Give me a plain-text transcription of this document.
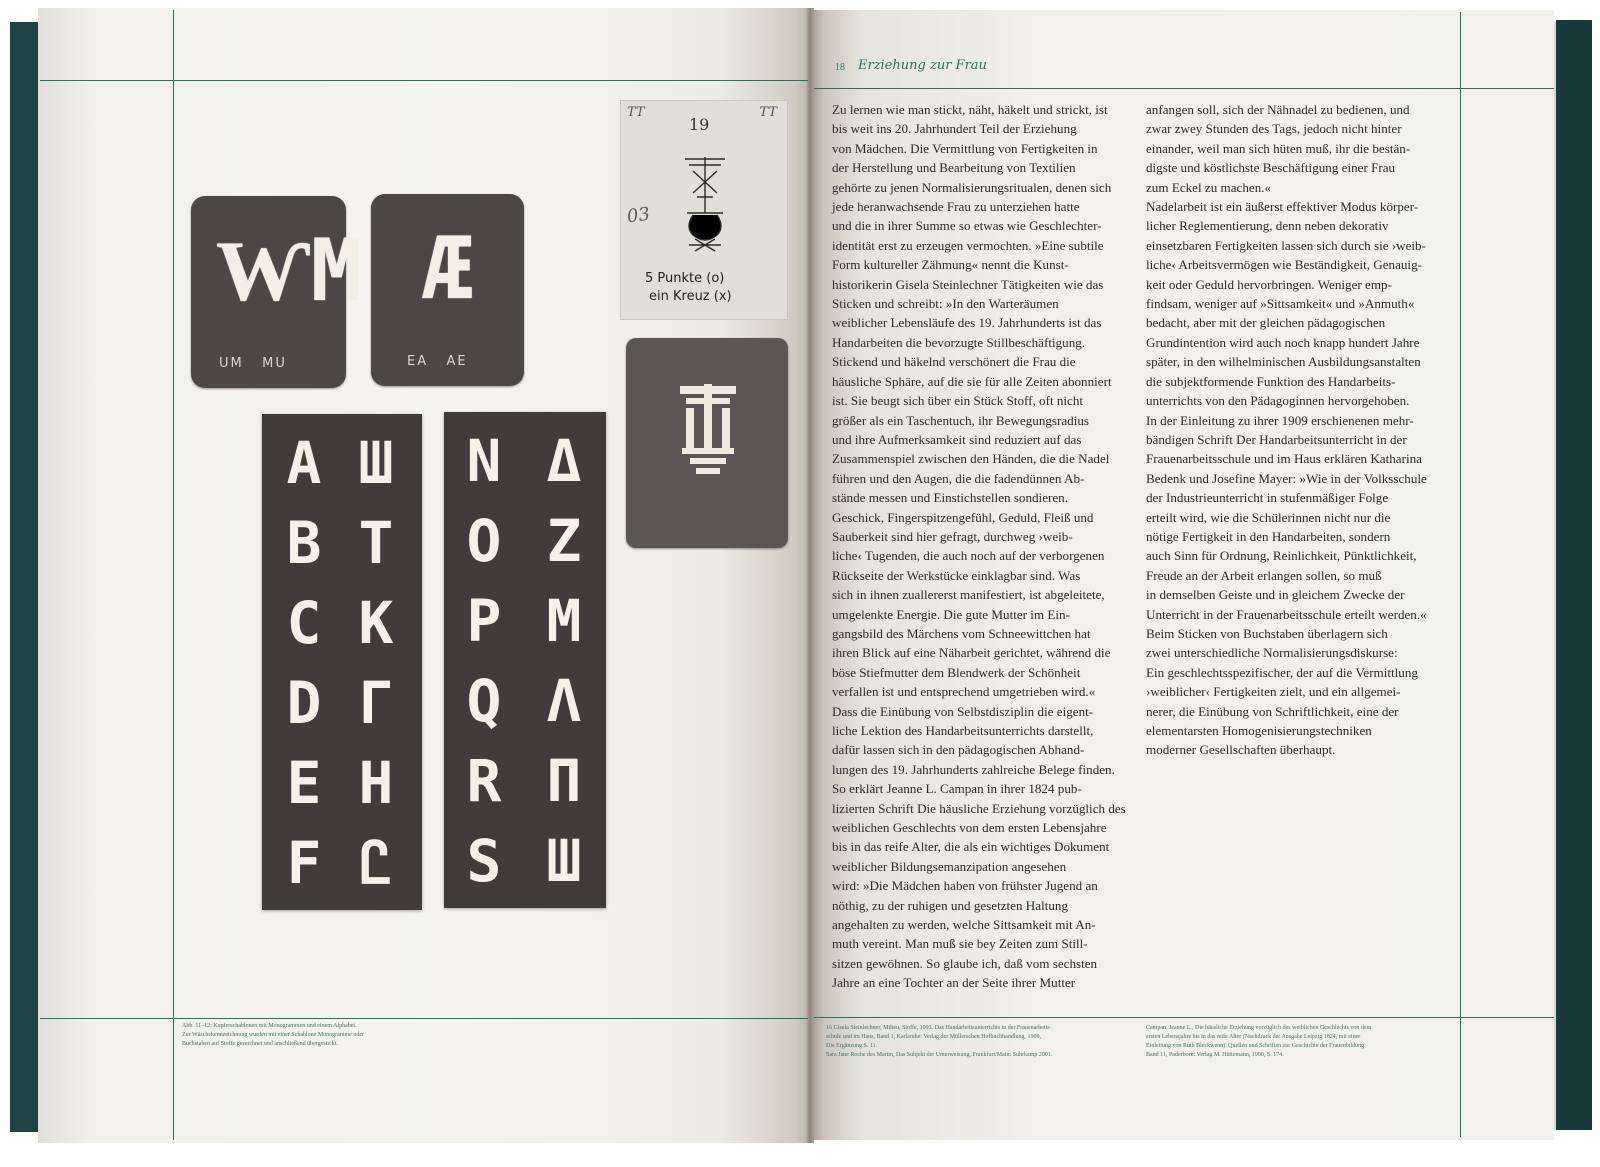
ⱲM
UM   MU
Æ
EA   AE
TT	TT
19
03
5 Punkte (o)
ein Kreuz (x)
A Ш
B T
C K
D Г
E H
F Ꮭ
N Δ
O Z
P M
Q Λ
R П
S Ш

Abb. 11–12: Kupferschablonen mit Monogrammen und einem Alphabet.

Zur Wäschekennzeichnung wurden mit einer Schablone Monogramme oder

Buchstaben auf Stoffe gezeichnet und anschließend übergestickt.

18 Erziehung zur Frau

Zu lernen wie man stickt, näht, häkelt und strickt, ist

bis weit ins 20. Jahrhundert Teil der Erziehung

von Mädchen. Die Vermittlung von Fertigkeiten in

der Herstellung und Bearbeitung von Textilien

gehörte zu jenen Normalisierungsritualen, denen sich

jede heranwachsende Frau zu unterziehen hatte

und die in ihrer Summe so etwas wie Geschlechter-

identität erst zu erzeugen vermochten. »Eine subtile

Form kultureller Zähmung« nennt die Kunst-

historikerin Gisela Steinlechner Tätigkeiten wie das

Sticken und schreibt: »In den Warteräumen

weiblicher Lebensläufe des 19. Jahrhunderts ist das

Handarbeiten die bevorzugte Stillbeschäftigung.

Stickend und häkelnd verschönert die Frau die

häusliche Sphäre, auf die sie für alle Zeiten abonniert

ist. Sie beugt sich über ein Stück Stoff, oft nicht

größer als ein Taschentuch, ihr Bewegungsradius

und ihre Aufmerksamkeit sind reduziert auf das

Zusammenspiel zwischen den Händen, die die Nadel

führen und den Augen, die die fadendünnen Ab-

stände messen und Einstichstellen sondieren.

Geschick, Fingerspitzengefühl, Geduld, Fleiß und

Sauberkeit sind hier gefragt, durchweg ›weib-

liche‹ Tugenden, die auch noch auf der verborgenen

Rückseite der Werkstücke einklagbar sind. Was

sich in ihnen zuallererst manifestiert, ist abgeleitete,

umgelenkte Energie. Die gute Mutter im Ein-

gangsbild des Märchens vom Schneewittchen hat

ihren Blick auf eine Näharbeit gerichtet, während die

böse Stiefmutter dem Blendwerk der Schönheit

verfallen ist und entsprechend umgetrieben wird.«

Dass die Einübung von Selbstdisziplin die eigent-

liche Lektion des Handarbeitsunterrichts darstellt,

dafür lassen sich in den pädagogischen Abhand-

lungen des 19. Jahrhunderts zahlreiche Belege finden.

So erklärt Jeanne L. Campan in ihrer 1824 pub-

lizierten Schrift Die häusliche Erziehung vorzüglich des

weiblichen Geschlechts von dem ersten Lebensjahre

bis in das reife Alter, die als ein wichtiges Dokument

weiblicher Bildungsemanzipation angesehen

wird: »Die Mädchen haben von frühster Jugend an

nöthig, zu der ruhigen und gesetzten Haltung

angehalten zu werden, welche Sittsamkeit mit An-

muth vereint. Man muß sie bey Zeiten zum Still-

sitzen gewöhnen. So glaube ich, daß vom sechsten

Jahre an eine Tochter an der Seite ihrer Mutter

anfangen soll, sich der Nähnadel zu bedienen, und

zwar zwey Stunden des Tags, jedoch nicht hinter

einander, weil man sich hüten muß, ihr die bestän-

digste und köstlichste Beschäftigung einer Frau

zum Eckel zu machen.«

Nadelarbeit ist ein äußerst effektiver Modus körper-

licher Reglementierung, denn neben dekorativ

einsetzbaren Fertigkeiten lassen sich durch sie ›weib-

liche‹ Arbeitsvermögen wie Beständigkeit, Genauig-

keit oder Geduld hervorbringen. Weniger emp-

findsam, weniger auf »Sittsamkeit« und »Anmuth«

bedacht, aber mit der gleichen pädagogischen

Grundintention wird auch noch knapp hundert Jahre

später, in den wilhelminischen Ausbildungsanstalten

die subjektformende Funktion des Handarbeits-

unterrichts von den Pädagoginnen hervorgehoben.

In der Einleitung zu ihrer 1909 erschienenen mehr-

bändigen Schrift Der Handarbeitsunterricht in der

Frauenarbeitsschule und im Haus erklären Katharina

Bedenk und Josefine Mayer: »Wie in der Volksschule

der Industrieunterricht in stufenmäßiger Folge

erteilt wird, wie die Schülerinnen nicht nur die

nötige Fertigkeit in den Handarbeiten, sondern

auch Sinn für Ordnung, Reinlichkeit, Pünktlichkeit,

Freude an der Arbeit erlangen sollen, so muß

in demselben Geiste und in gleichem Zwecke der

Unterricht in der Frauenarbeitsschule erteilt werden.«

Beim Sticken von Buchstaben überlagern sich

zwei unterschiedliche Normalisierungsdiskurse:

Ein geschlechtsspezifischer, der auf die Vermittlung

›weiblicher‹ Fertigkeiten zielt, und ein allgemei-

nerer, die Einübung von Schriftlichkeit, eine der

elementarsten Homogenisierungstechniken

moderner Gesellschaften überhaupt.

16 Gisela Steinlechner, Milieu, Stoffe, 1993. Das Handarbeitsunterrichts in der Frauenarbeits-

schule und im Haus, Band 1, Karlsruhe: Verlag der Müllerschen Hofbuchhandlung, 1909,

Die Ergänzung S. 11.

Sara Jane Roche des Martin, Das Subjekt der Unterweisung, Frankfurt/Main: Suhrkamp 2001.

Campan, Jeanne L., Die häusliche Erziehung vorzüglich des weiblichen Geschlechts von dem

ersten Lebensjahre bis in das reife Alter (Nachdruck der Ausgabe Leipzig 1824, mit einer

Einleitung von Ruth Bleckwenn). Quellen und Schriften zur Geschichte der Frauenbildung

Band 11, Paderborn: Verlag M. Hüttemann, 1990, S. 174.
